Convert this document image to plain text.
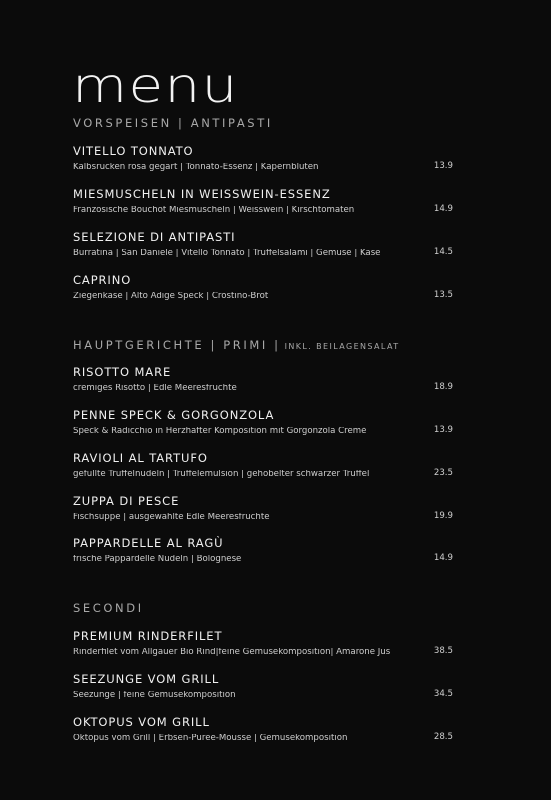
menu
VORSPEISEN | ANTIPASTI
VITELLO TONNATO
Kalbsrücken rosa gegart | Tonnato-Essenz | Kapernblüten	13.9
MIESMUSCHELN IN WEISSWEIN-ESSENZ
Französische Bouchot Miesmuscheln | Weisswein | Kirschtomaten	14.9
SELEZIONE DI ANTIPASTI
Burratina | San Daniele | Vitello Tonnato | Trüffelsalami | Gemüse | Käse	14.5
CAPRINO
Ziegenkäse | Alto Adige Speck | Crostino-Brot	13.5
HAUPTGERICHTE | PRIMI | INKL. BEILAGENSALAT
RISOTTO MARE
cremiges Risotto | Edle Meeresfrüchte	18.9
PENNE SPECK & GORGONZOLA
Speck & Radicchio in Herzhafter Komposition mit Gorgonzola Cremè	13.9
RAVIOLI AL TARTUFO
gefüllte Trüffelnudeln | Trüffelemulsion | gehobelter schwarzer Trüffel	23.5
ZUPPA DI PESCE
Fischsuppe | ausgewählte Edle Meeresfrüchte	19.9
PAPPARDELLE AL RAGÙ
frische Pappardelle Nudeln | Bolognese	14.9
SECONDI
PREMIUM RINDERFILET
Rinderfilet vom Allgauer Bio Rind|feine Gemüsekomposition| Amarone Jus	38.5
SEEZUNGE VOM GRILL
Seezunge | feine Gemüsekomposition	34.5
OKTOPUS VOM GRILL
Oktopus vom Grill | Erbsen-Püree-Mousse | Gemüsekomposition	28.5
